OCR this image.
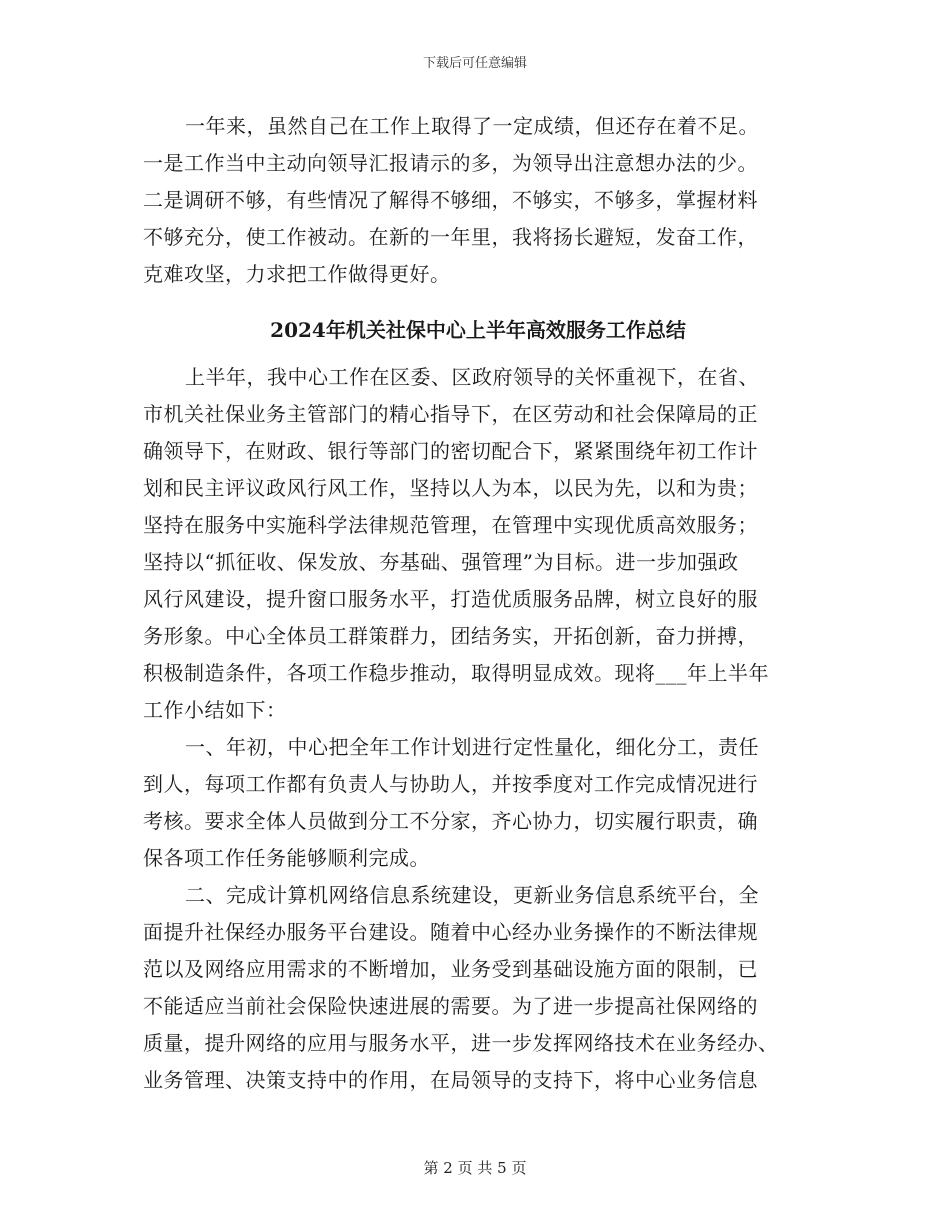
下载后可任意编辑
一年来，虽然自己在工作上取得了一定成绩，但还存在着不足。
一是工作当中主动向领导汇报请示的多，为领导出注意想办法的少。
二是调研不够，有些情况了解得不够细，不够实，不够多，掌握材料
不够充分，使工作被动。在新的一年里，我将扬长避短，发奋工作，
克难攻坚，力求把工作做得更好。
2024年机关社保中心上半年高效服务工作总结
上半年，我中心工作在区委、区政府领导的关怀重视下，在省、
市机关社保业务主管部门的精心指导下，在区劳动和社会保障局的正
确领导下，在财政、银行等部门的密切配合下，紧紧围绕年初工作计
划和民主评议政风行风工作，坚持以人为本，以民为先，以和为贵；
坚持在服务中实施科学法律规范管理，在管理中实现优质高效服务；
坚持以“抓征收、保发放、夯基础、强管理”为目标。进一步加强政
风行风建设，提升窗口服务水平，打造优质服务品牌，树立良好的服
务形象。中心全体员工群策群力，团结务实，开拓创新，奋力拼搏，
积极制造条件，各项工作稳步推动，取得明显成效。现将___年上半年
工作小结如下：
一、年初，中心把全年工作计划进行定性量化，细化分工，责任
到人，每项工作都有负责人与协助人，并按季度对工作完成情况进行
考核。要求全体人员做到分工不分家，齐心协力，切实履行职责，确
保各项工作任务能够顺利完成。
二、完成计算机网络信息系统建设，更新业务信息系统平台，全
面提升社保经办服务平台建设。随着中心经办业务操作的不断法律规
范以及网络应用需求的不断增加，业务受到基础设施方面的限制，已
不能适应当前社会保险快速进展的需要。为了进一步提高社保网络的
质量，提升网络的应用与服务水平，进一步发挥网络技术在业务经办、
业务管理、决策支持中的作用，在局领导的支持下，将中心业务信息
第 2 页 共 5 页
